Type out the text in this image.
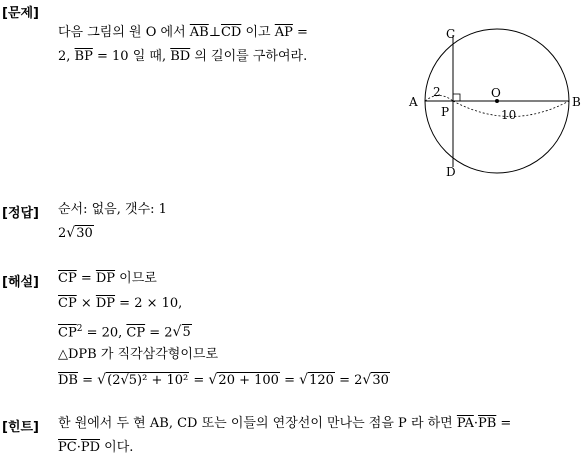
[문제]
다음 그림의 원 O 에서 $\overline{AB}\perp\overline{CD}$ 이고 $\overline{AP}$ =
2, $\overline{BP} = 10$ 일 때, $\overline{BD}$ 의 길이를 구하여라.
A	B
C
D
O
P
2
10
[정답] 순서: 없음, 갯수: 1
2 √ 30
[해설] $\overline{CP} = \overline{DP}$ 이므로
$\overline{CP} \times \overline{DP} = 2 \times 10$,
$\overline{CP}^2 = 20$, $\overline{CP} = 2$ √ 5
△DPB 가 직각삼각형이므로
$\overline{DB}$ = √ (2√5)² + 10² = √ 20 + 100 = √ 120 = 2 √ 30
[힌트] 한 원에서 두 현 AB, CD 또는 이들의 연장선이 만나는 점을 P 라 하면 $\overline{PA}\cdot\overline{PB}$ =
$\overline{PC}\cdot\overline{PD}$ 이다.
